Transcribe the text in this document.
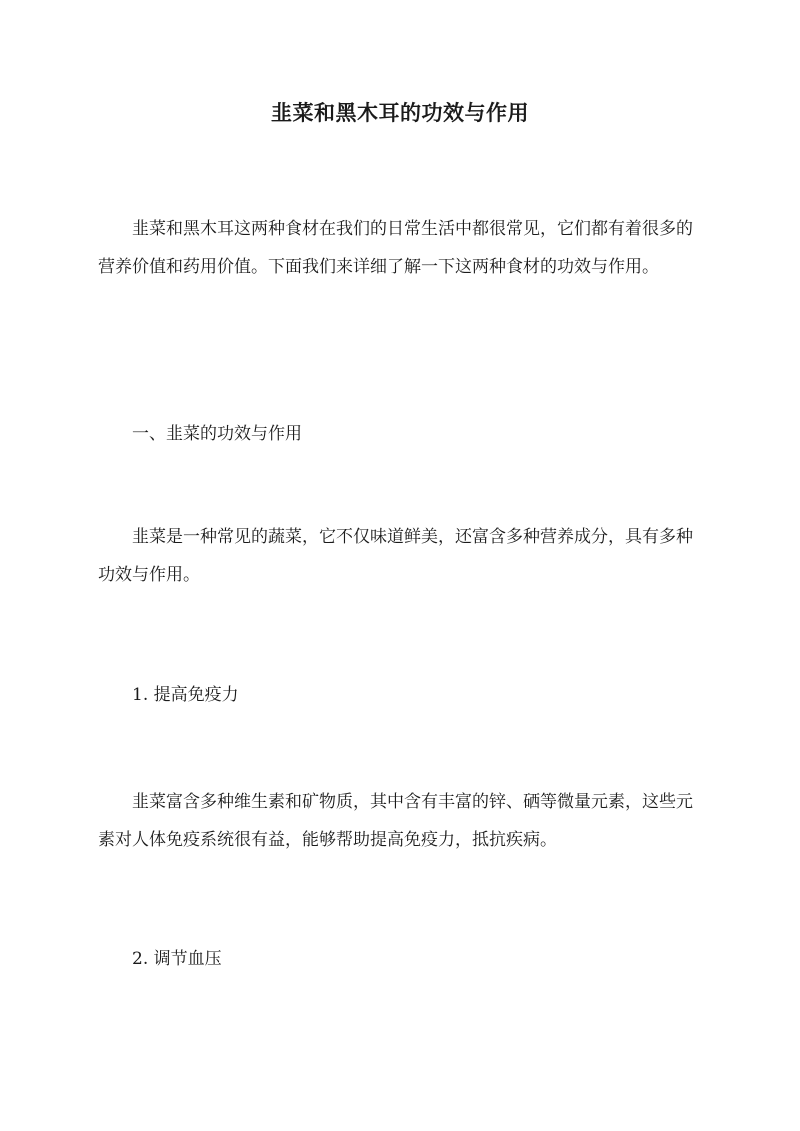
韭菜和黑木耳的功效与作用

韭菜和黑木耳这两种食材在我们的日常生活中都很常见，它们都有着很多的营养价值和药用价值。下面我们来详细了解一下这两种食材的功效与作用。

一、韭菜的功效与作用

韭菜是一种常见的蔬菜，它不仅味道鲜美，还富含多种营养成分，具有多种功效与作用。

1. 提高免疫力

韭菜富含多种维生素和矿物质，其中含有丰富的锌、硒等微量元素，这些元素对人体免疫系统很有益，能够帮助提高免疫力，抵抗疾病。

2. 调节血压
